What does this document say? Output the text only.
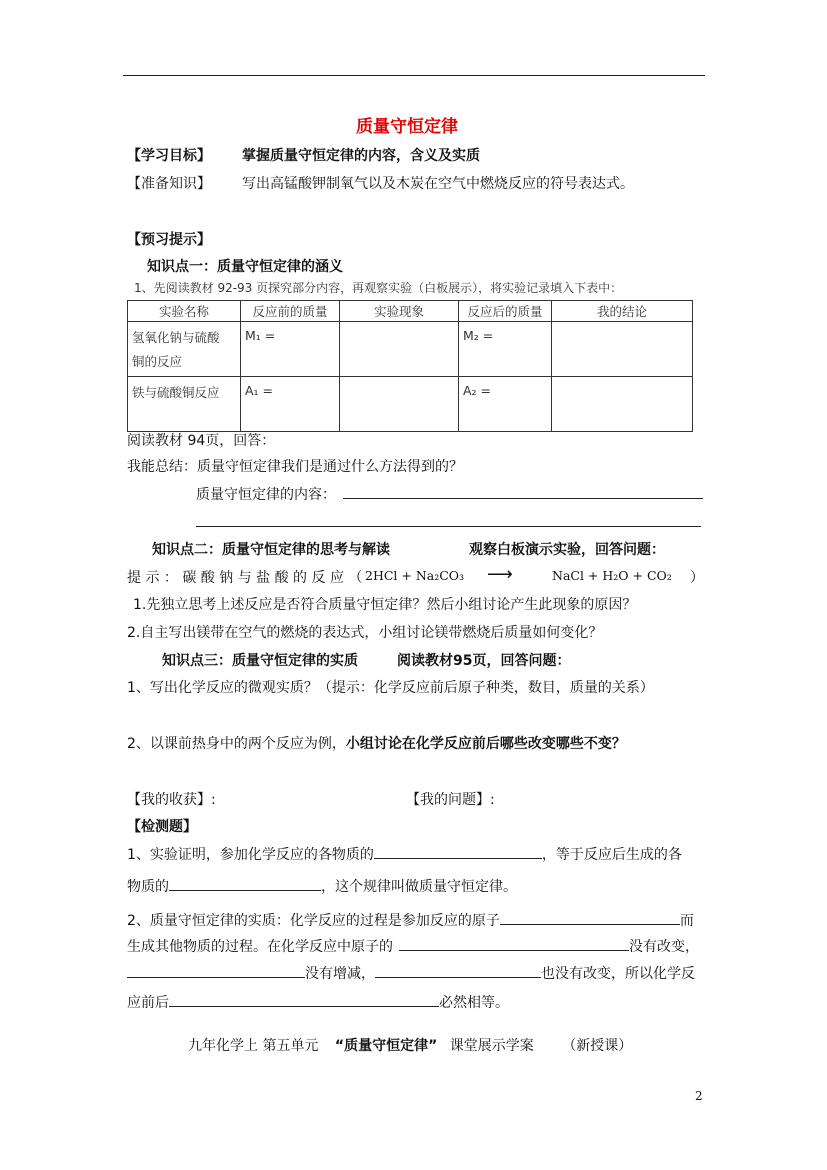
质量守恒定律
【学习目标】 掌握质量守恒定律的内容，含义及实质
【准备知识】 写出高锰酸钾制氧气以及木炭在空气中燃烧反应的符号表达式。
【预习提示】
知识点一：质量守恒定律的涵义
1、先阅读教材 92-93 页探究部分内容，再观察实验（白板展示），将实验记录填入下表中：
实验名称	反应前的质量	实验现象	反应后的质量	我的结论

氢氧化钠与硫酸
铜的反应	M₁ =		M₂ =	

铁与硫酸铜反应	A₁ =		A₂ =	
阅读教材 94页，回答：
我能总结：质量守恒定律我们是通过什么方法得到的？
质量守恒定律的内容：
知识点二：质量守恒定律的思考与解读	观察白板演示实验，回答问题：
提 示 ： 碳 酸 钠 与 盐 酸 的 反 应 （ 2HCl + Na₂CO₃ ⟶	NaCl + H₂O + CO₂ ）
1.先独立思考上述反应是否符合质量守恒定律？然后小组讨论产生此现象的原因？
2.自主写出镁带在空气的燃烧的表达式，小组讨论镁带燃烧后质量如何变化？
知识点三：质量守恒定律的实质	阅读教材95页，回答问题：
1、写出化学反应的微观实质？（提示：化学反应前后原子种类，数目，质量的关系）
2、以课前热身中的两个反应为例，小组讨论在化学反应前后哪些改变哪些不变？
【我的收获】:	【我的问题】:
【检测题】
1、实验证明，参加化学反应的各物质的	，等于反应后生成的各
物质的	，这个规律叫做质量守恒定律。
2、质量守恒定律的实质：化学反应的过程是参加反应的原子	而
生成其他物质的过程。在化学反应中原子的	没有改变，
没有增减，	也没有改变，所以化学反
应前后	必然相等。
九年化学上 第五单元 “质量守恒定律” 课堂展示学案 （新授课）
2
